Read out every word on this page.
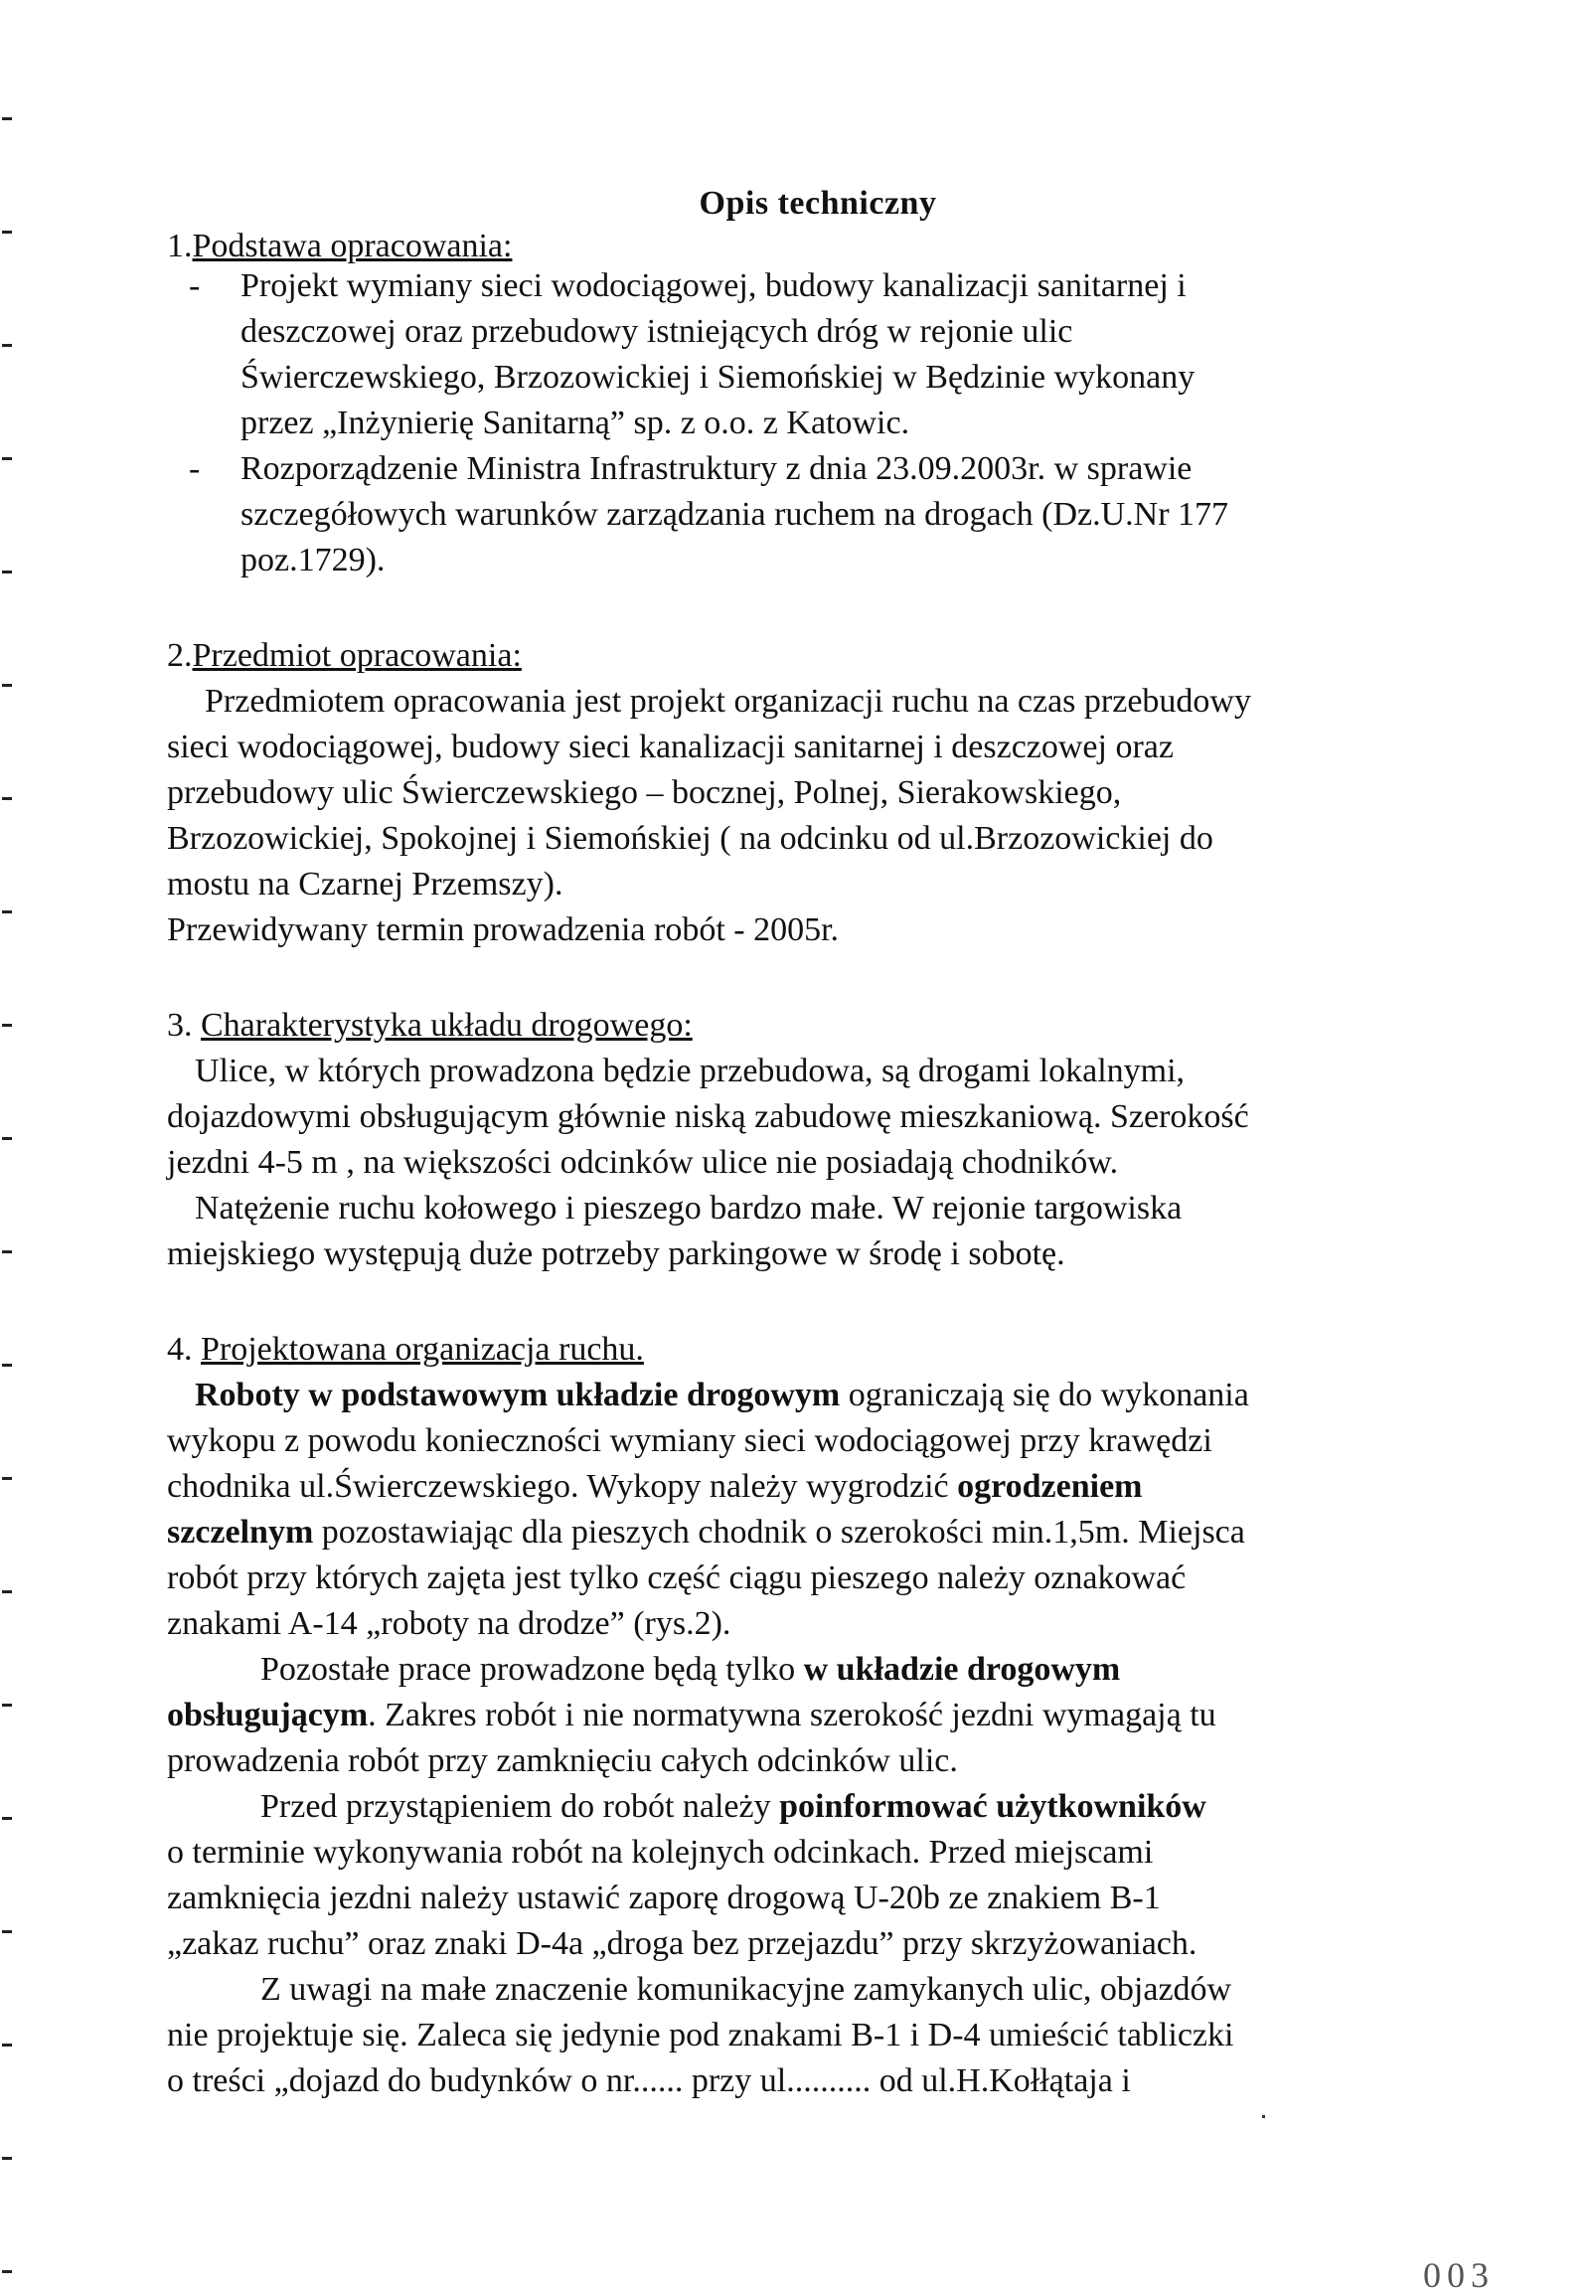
Opis techniczny
1.Podstawa opracowania:
- Projekt wymiany sieci wodociągowej, budowy kanalizacji sanitarnej i
deszczowej oraz przebudowy istniejących dróg w rejonie ulic
Świerczewskiego, Brzozowickiej i Siemońskiej w Będzinie wykonany
przez „Inżynierię Sanitarną” sp. z o.o. z Katowic.
- Rozporządzenie Ministra Infrastruktury z dnia 23.09.2003r. w sprawie
szczegółowych warunków zarządzania ruchem na drogach (Dz.U.Nr 177
poz.1729).
2.Przedmiot opracowania:
Przedmiotem opracowania jest projekt organizacji ruchu na czas przebudowy
sieci wodociągowej, budowy sieci kanalizacji sanitarnej i deszczowej oraz
przebudowy ulic Świerczewskiego – bocznej, Polnej, Sierakowskiego,
Brzozowickiej, Spokojnej i Siemońskiej ( na odcinku od ul.Brzozowickiej do
mostu na Czarnej Przemszy).
Przewidywany termin prowadzenia robót - 2005r.
3. Charakterystyka układu drogowego:
Ulice, w których prowadzona będzie przebudowa, są drogami lokalnymi,
dojazdowymi obsługującym głównie niską zabudowę mieszkaniową. Szerokość
jezdni 4-5 m , na większości odcinków ulice nie posiadają chodników.
Natężenie ruchu kołowego i pieszego bardzo małe. W rejonie targowiska
miejskiego występują duże potrzeby parkingowe w środę i sobotę.
4. Projektowana organizacja ruchu.
Roboty w podstawowym układzie drogowym ograniczają się do wykonania
wykopu z powodu konieczności wymiany sieci wodociągowej przy krawędzi
chodnika ul.Świerczewskiego. Wykopy należy wygrodzić ogrodzeniem
szczelnym pozostawiając dla pieszych chodnik o szerokości min.1,5m. Miejsca
robót przy których zajęta jest tylko część ciągu pieszego należy oznakować
znakami A-14 „roboty na drodze” (rys.2).
Pozostałe prace prowadzone będą tylko w układzie drogowym
obsługującym. Zakres robót i nie normatywna szerokość jezdni wymagają tu
prowadzenia robót przy zamknięciu całych odcinków ulic.
Przed przystąpieniem do robót należy poinformować użytkowników
o terminie wykonywania robót na kolejnych odcinkach. Przed miejscami
zamknięcia jezdni należy ustawić zaporę drogową U-20b ze znakiem B-1
„zakaz ruchu” oraz znaki D-4a „droga bez przejazdu” przy skrzyżowaniach.
Z uwagi na małe znaczenie komunikacyjne zamykanych ulic, objazdów
nie projektuje się. Zaleca się jedynie pod znakami B-1 i D-4 umieścić tabliczki
o treści „dojazd do budynków o nr...... przy ul.......... od ul.H.Kołłątaja i
003
